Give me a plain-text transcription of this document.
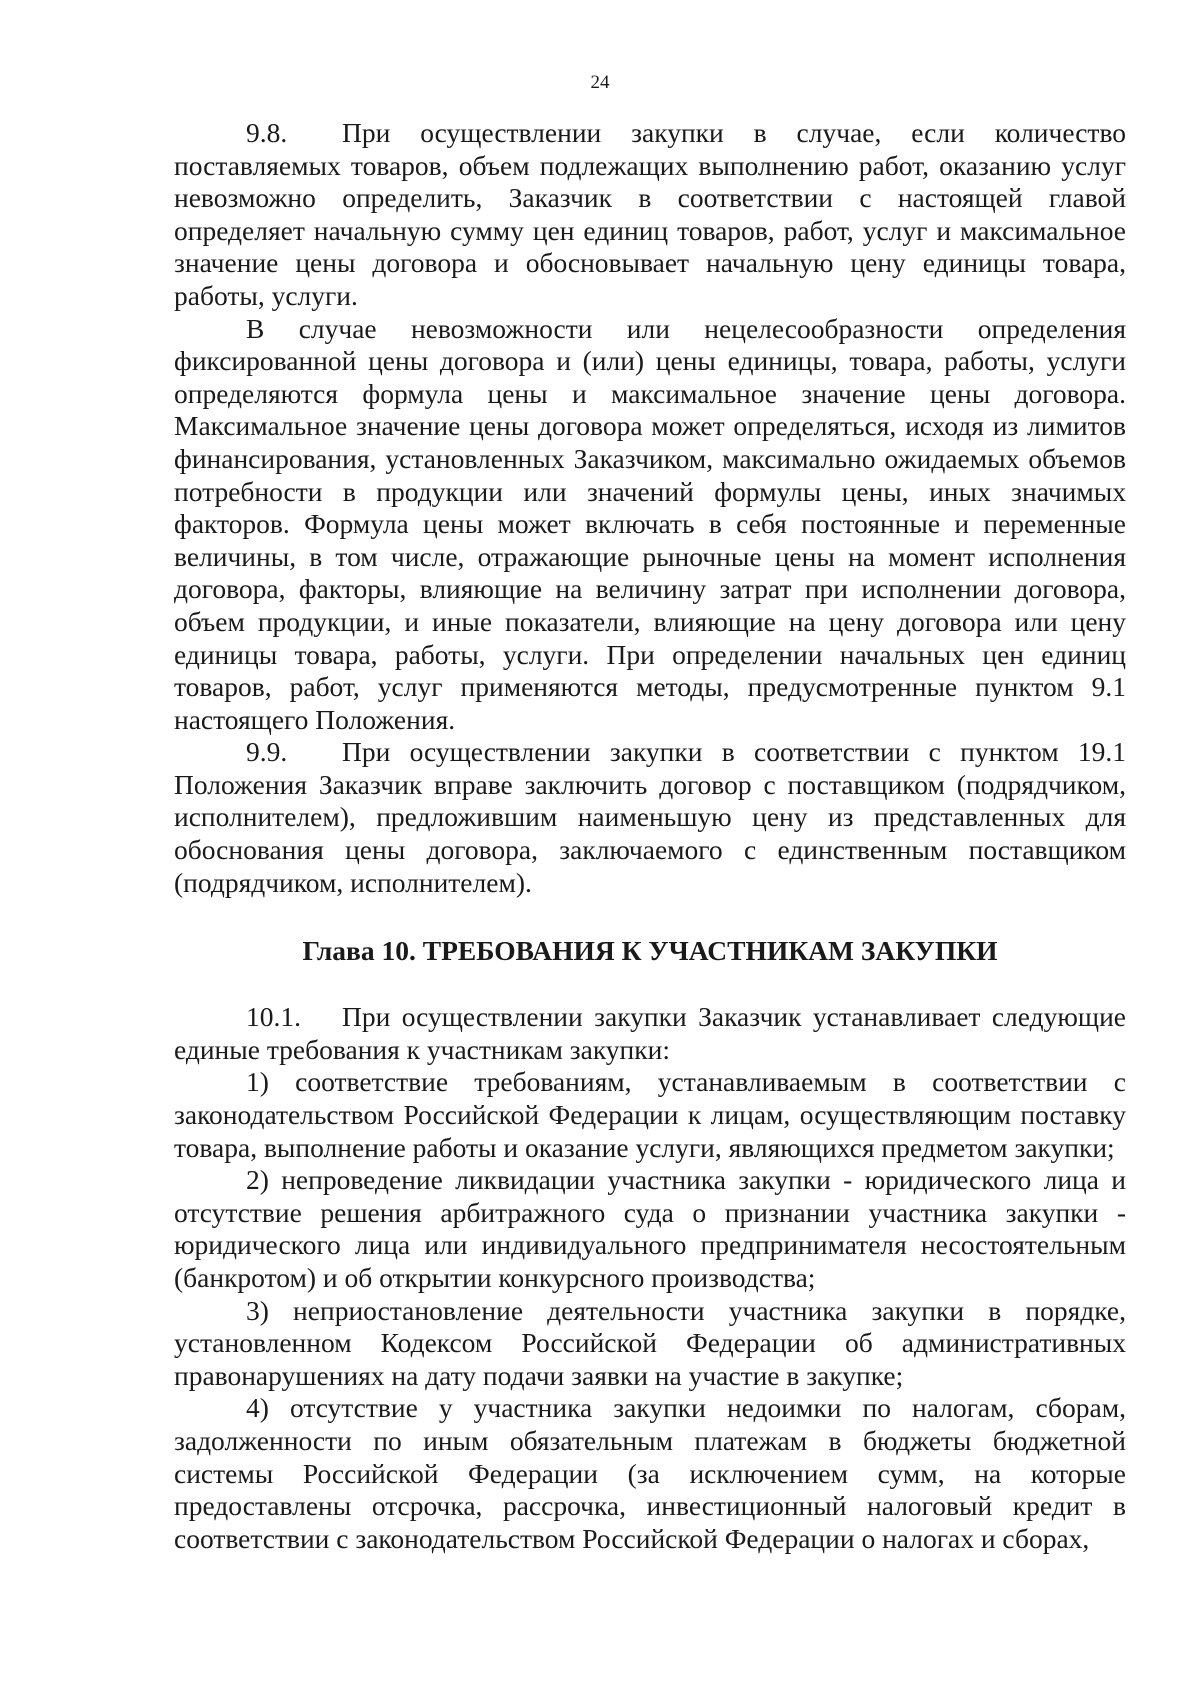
24

9.8. При осуществлении закупки в случае, если количество поставляемых товаров, объем подлежащих выполнению работ, оказанию услуг невозможно определить, Заказчик в соответствии с настоящей главой определяет начальную сумму цен единиц товаров, работ, услуг и максимальное значение цены договора и обосновывает начальную цену единицы товара, работы, услуги.

В случае невозможности или нецелесообразности определения фиксированной цены договора и (или) цены единицы, товара, работы, услуги определяются формула цены и максимальное значение цены договора. Максимальное значение цены договора может определяться, исходя из лимитов финансирования, установленных Заказчиком, максимально ожидаемых объемов потребности в продукции или значений формулы цены, иных значимых факторов. Формула цены может включать в себя постоянные и переменные величины, в том числе, отражающие рыночные цены на момент исполнения договора, факторы, влияющие на величину затрат при исполнении договора, объем продукции, и иные показатели, влияющие на цену договора или цену единицы товара, работы, услуги. При определении начальных цен единиц товаров, работ, услуг применяются методы, предусмотренные пунктом 9.1 настоящего Положения.

9.9. При осуществлении закупки в соответствии с пунктом 19.1 Положения Заказчик вправе заключить договор с поставщиком (подрядчиком, исполнителем), предложившим наименьшую цену из представленных для обоснования цены договора, заключаемого с единственным поставщиком (подрядчиком, исполнителем).

Глава 10. ТРЕБОВАНИЯ К УЧАСТНИКАМ ЗАКУПКИ

10.1. При осуществлении закупки Заказчик устанавливает следующие единые требования к участникам закупки:

1) соответствие требованиям, устанавливаемым в соответствии с законодательством Российской Федерации к лицам, осуществляющим поставку товара, выполнение работы и оказание услуги, являющихся предметом закупки;

2) непроведение ликвидации участника закупки - юридического лица и отсутствие решения арбитражного суда о признании участника закупки - юридического лица или индивидуального предпринимателя несостоятельным (банкротом) и об открытии конкурсного производства;

3) неприостановление деятельности участника закупки в порядке, установленном Кодексом Российской Федерации об административных правонарушениях на дату подачи заявки на участие в закупке;

4) отсутствие у участника закупки недоимки по налогам, сборам, задолженности по иным обязательным платежам в бюджеты бюджетной системы Российской Федерации (за исключением сумм, на которые предоставлены отсрочка, рассрочка, инвестиционный налоговый кредит в соответствии с законодательством Российской Федерации о налогах и сборах,
